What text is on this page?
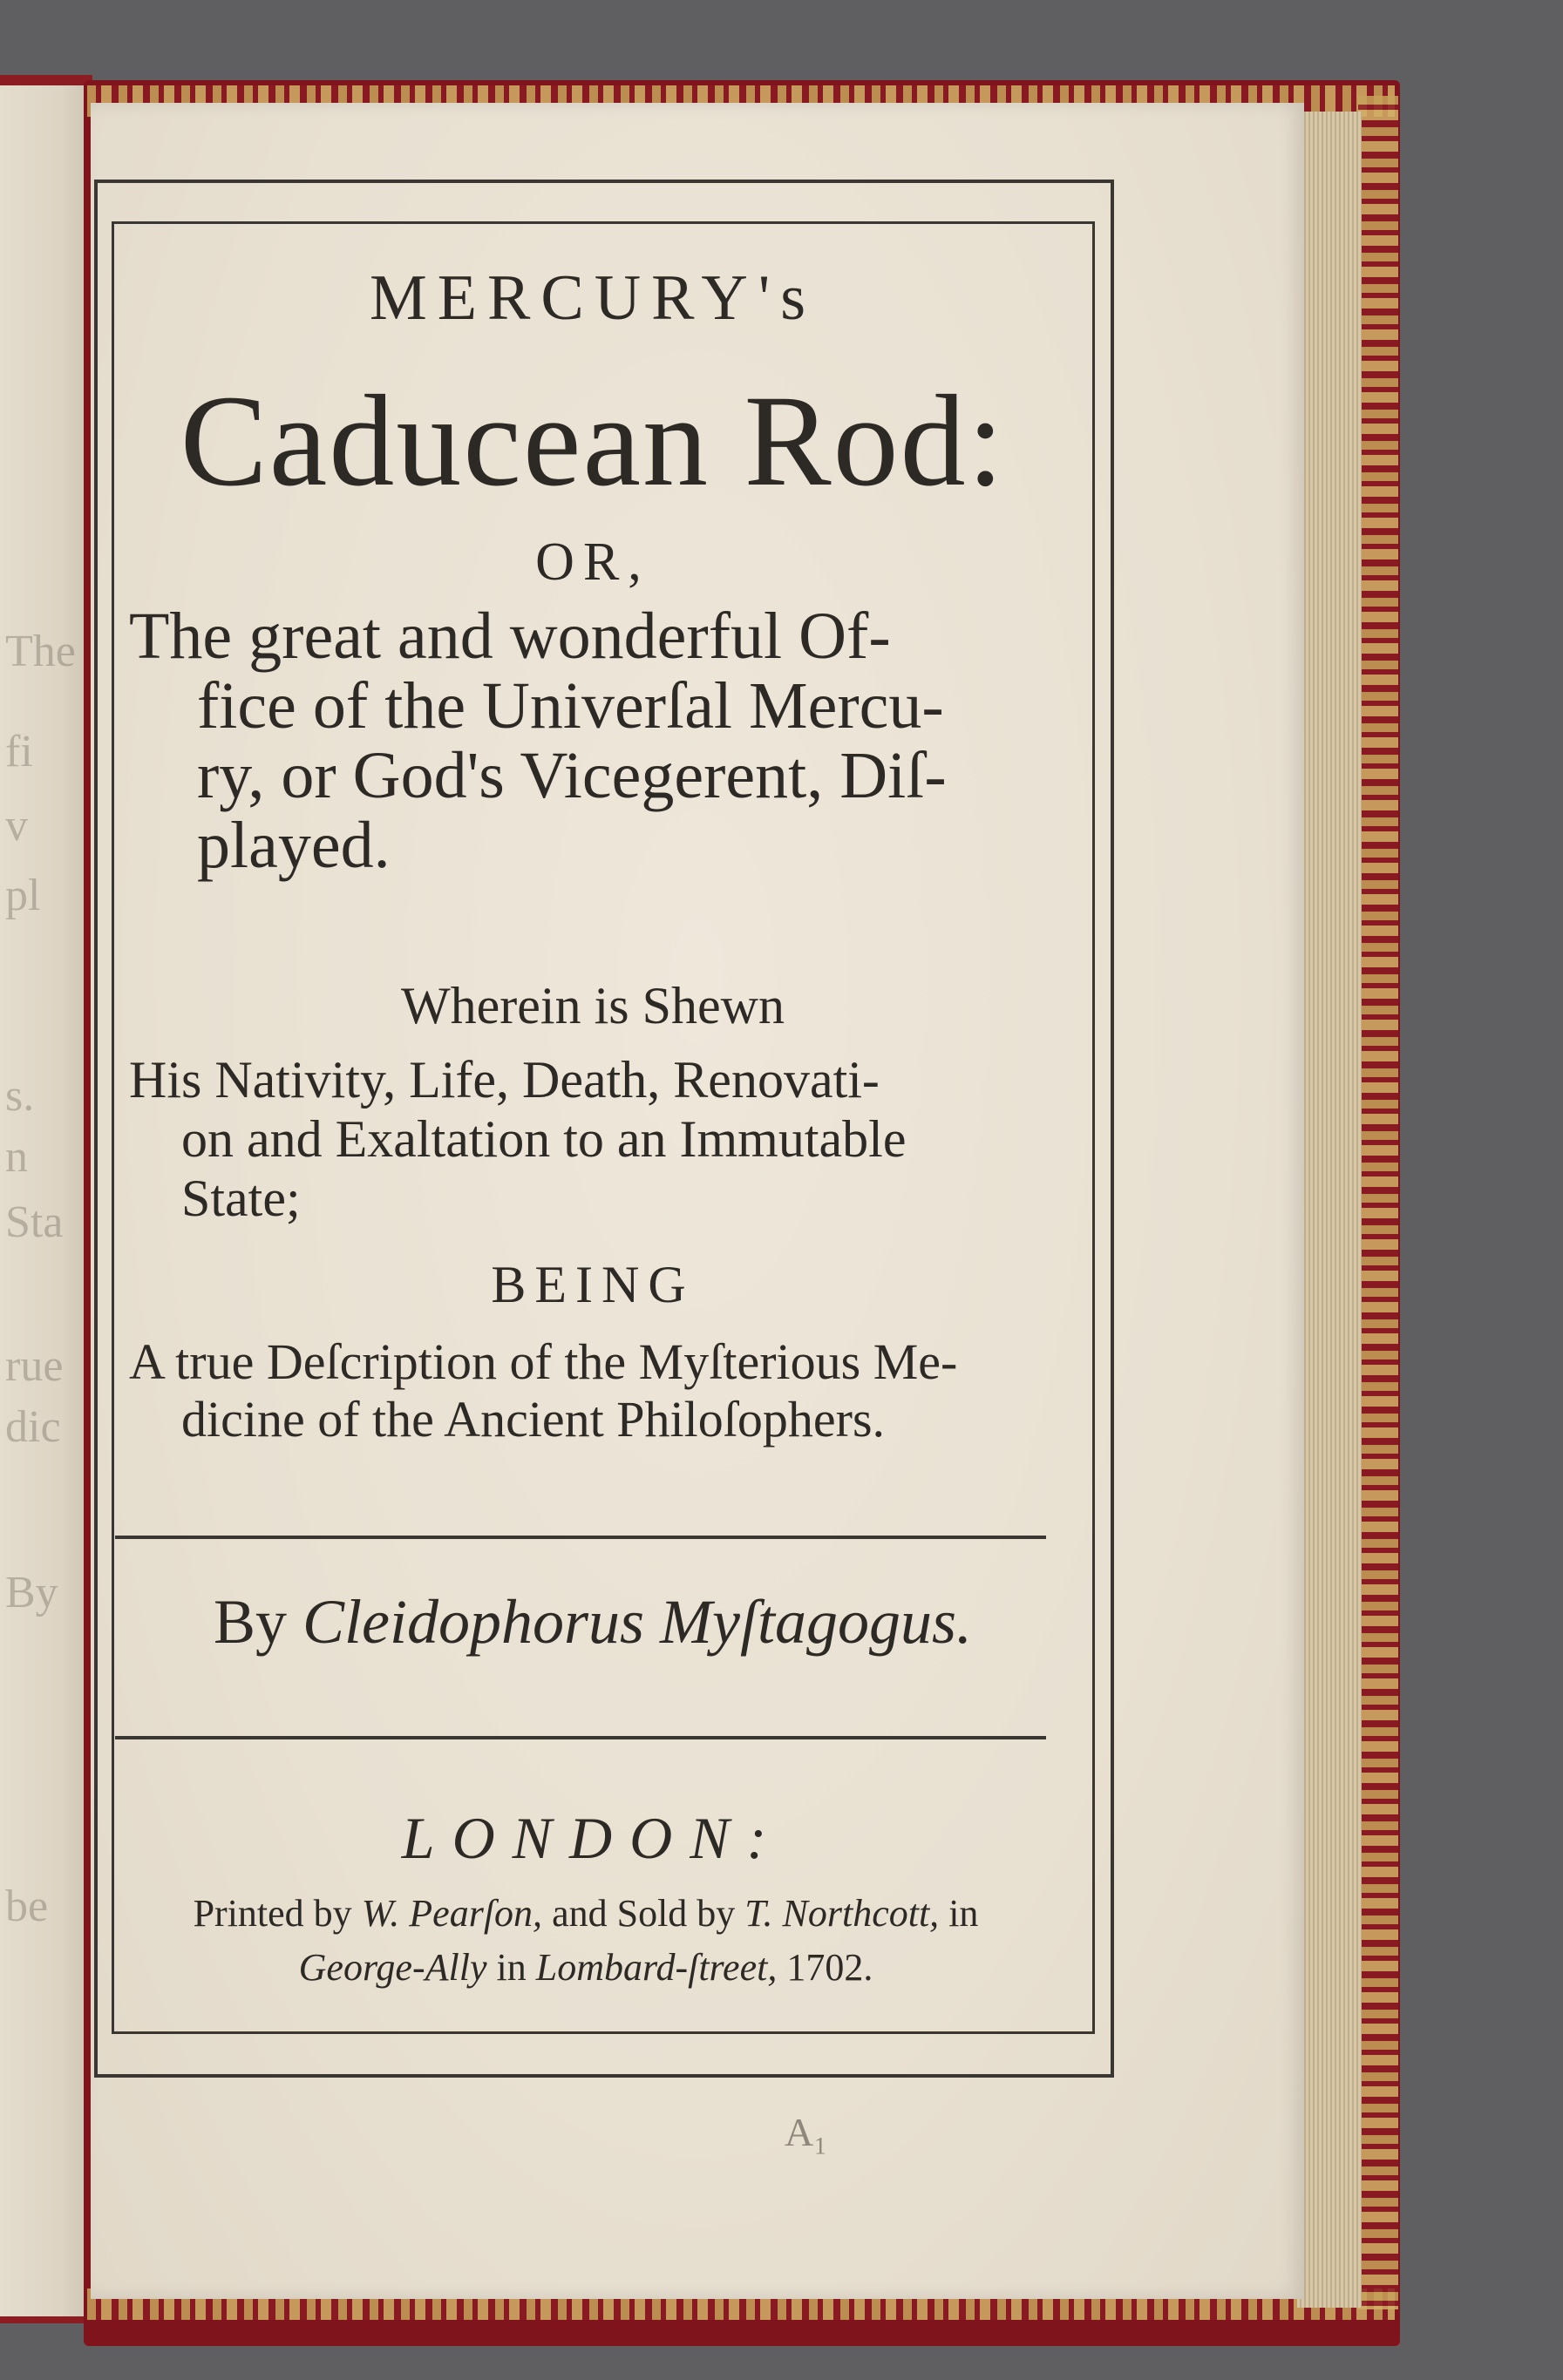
The
fi
v
pl
s.
n
Sta
rue
dic
By
be
MERCURY's
Caducean Rod:
OR,
The great and wonderful Of-
fice of the Univerſal Mercu-
ry, or God's Vicegerent, Diſ-
played.
Wherein is Shewn
His Nativity, Life, Death, Renovati-
on and Exaltation to an Immutable
State;
BEING
A true Deſcription of the Myſterious Me-
dicine of the Ancient Philoſophers.
By Cleidophorus Myſtagogus.
LONDON:
Printed by W. Pearſon, and Sold by T. Northcott, in
George-Ally in Lombard-ſtreet, 1702.
A₁
